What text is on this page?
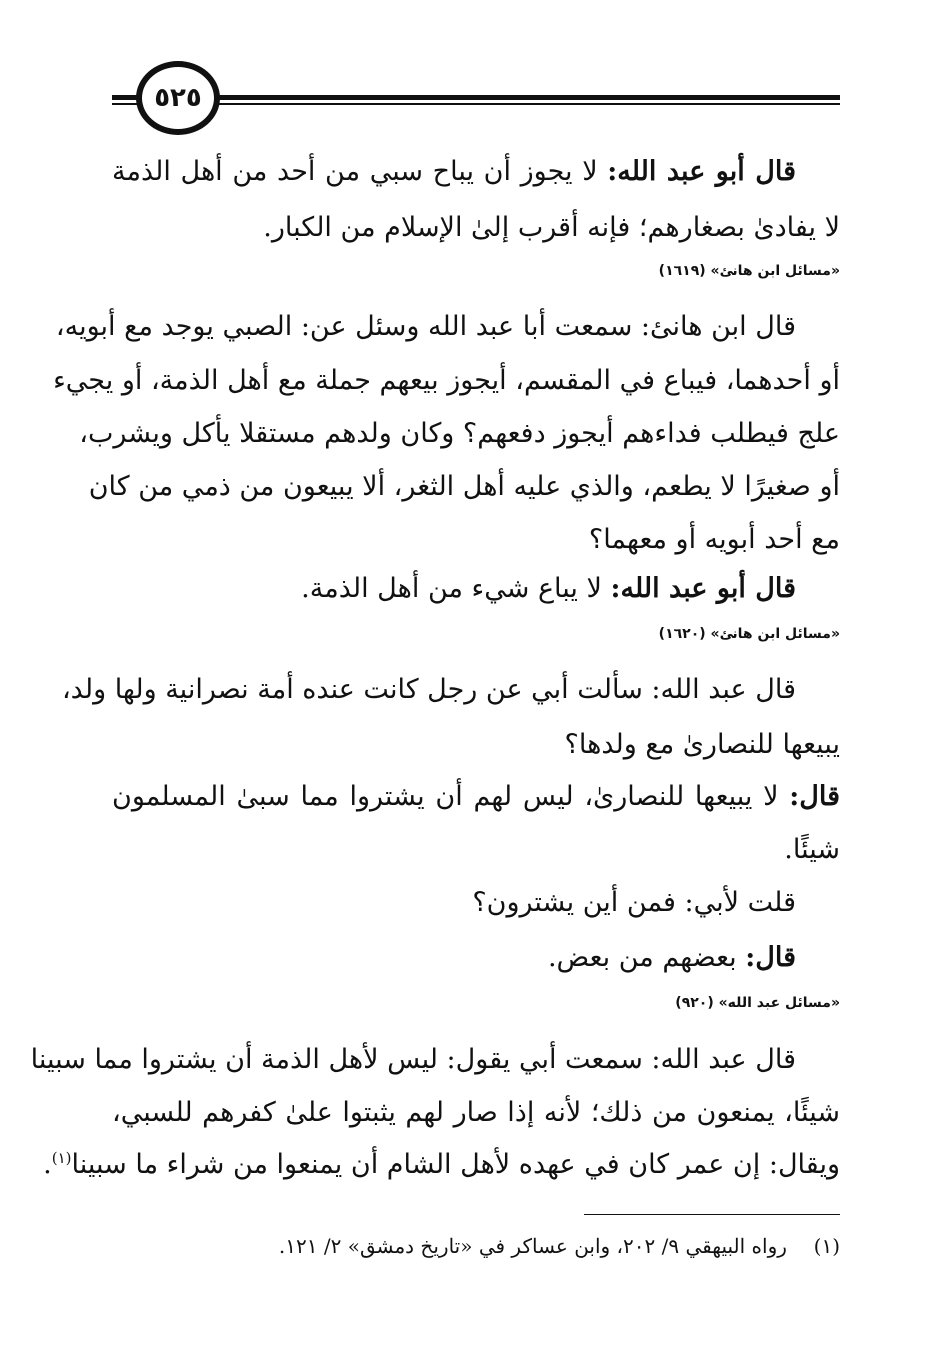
٥٢٥
قال أبو عبد الله: لا يجوز أن يباح سبي من أحد من أهل الذمة
لا يفادىٰ بصغارهم؛ فإنه أقرب إلىٰ الإسلام من الكبار.
«مسائل ابن هانئ» (١٦١٩)
قال ابن هانئ: سمعت أبا عبد الله وسئل عن: الصبي يوجد مع أبويه،
أو أحدهما، فيباع في المقسم، أيجوز بيعهم جملة مع أهل الذمة، أو يجيء
علج فيطلب فداءهم أيجوز دفعهم؟ وكان ولدهم مستقلا يأكل ويشرب،
أو صغيرًا لا يطعم، والذي عليه أهل الثغر، ألا يبيعون من ذمي من كان
مع أحد أبويه أو معهما؟
قال أبو عبد الله: لا يباع شيء من أهل الذمة.
«مسائل ابن هانئ» (١٦٢٠)
قال عبد الله: سألت أبي عن رجل كانت عنده أمة نصرانية ولها ولد،
يبيعها للنصارىٰ مع ولدها؟
قال: لا يبيعها للنصارىٰ، ليس لهم أن يشتروا مما سبىٰ المسلمون
شيئًا.
قلت لأبي: فمن أين يشترون؟
قال: بعضهم من بعض.
«مسائل عبد الله» (٩٢٠)
قال عبد الله: سمعت أبي يقول: ليس لأهل الذمة أن يشتروا مما سبينا
شيئًا، يمنعون من ذلك؛ لأنه إذا صار لهم يثبتوا علىٰ كفرهم للسبي،
ويقال: إن عمر كان في عهده لأهل الشام أن يمنعوا من شراء ما سبينا$^{(١)}$.
(١)  رواه البيهقي ٩/ ٢٠٢، وابن عساكر في «تاريخ دمشق» ٢/ ١٢١.
